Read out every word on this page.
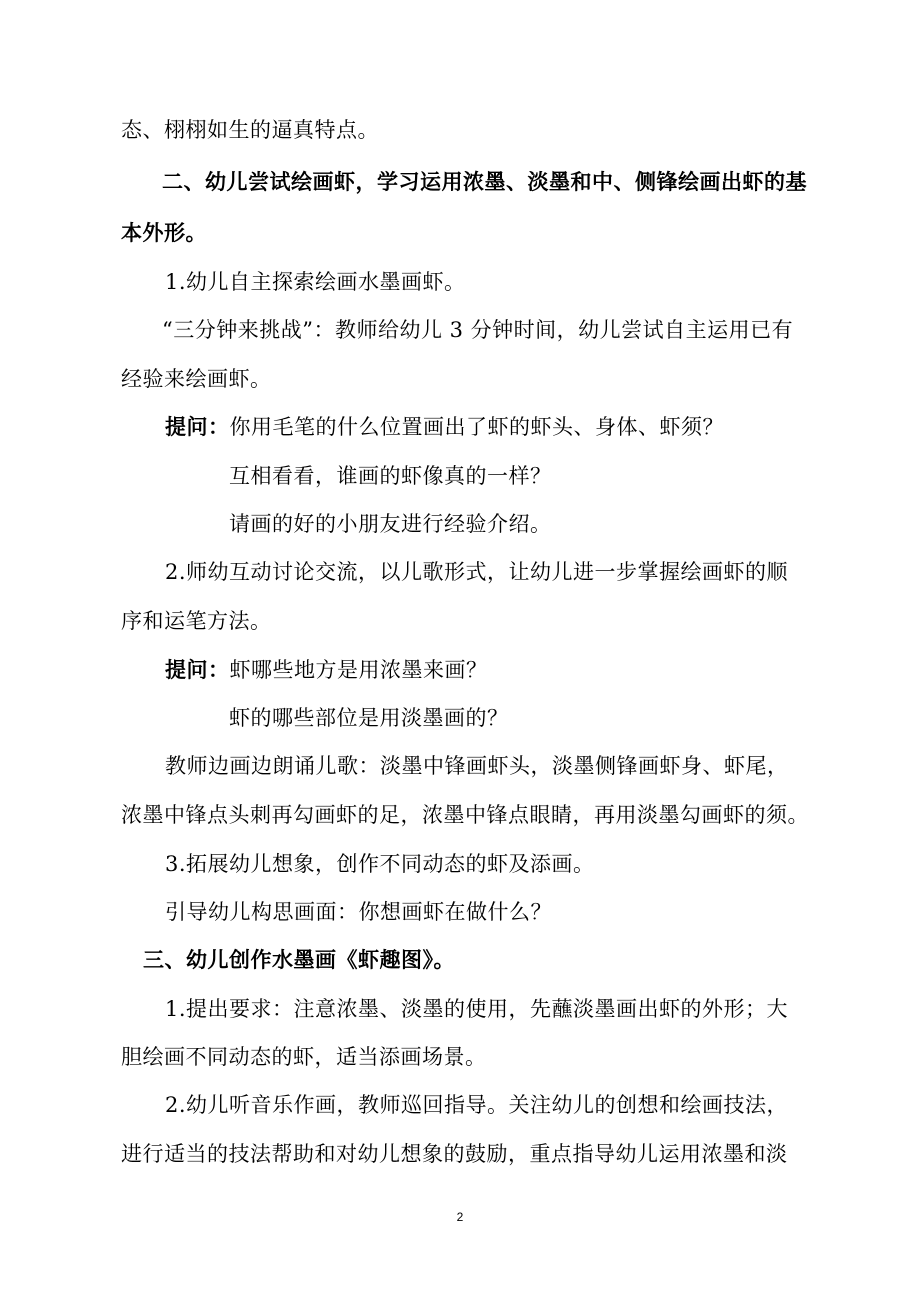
态、栩栩如生的逼真特点。
二、幼儿尝试绘画虾，学习运用浓墨、淡墨和中、侧锋绘画出虾的基
本外形。
1.幼儿自主探索绘画水墨画虾。
“三分钟来挑战”：教师给幼儿 3 分钟时间，幼儿尝试自主运用已有
经验来绘画虾。
提问：你用毛笔的什么位置画出了虾的虾头、身体、虾须？
互相看看，谁画的虾像真的一样？
请画的好的小朋友进行经验介绍。
2.师幼互动讨论交流，以儿歌形式，让幼儿进一步掌握绘画虾的顺
序和运笔方法。
提问：虾哪些地方是用浓墨来画？
虾的哪些部位是用淡墨画的？
教师边画边朗诵儿歌：淡墨中锋画虾头，淡墨侧锋画虾身、虾尾，
浓墨中锋点头刺再勾画虾的足，浓墨中锋点眼睛，再用淡墨勾画虾的须。
3.拓展幼儿想象，创作不同动态的虾及添画。
引导幼儿构思画面：你想画虾在做什么？
三、幼儿创作水墨画《虾趣图》。
1.提出要求：注意浓墨、淡墨的使用，先蘸淡墨画出虾的外形；大
胆绘画不同动态的虾，适当添画场景。
2.幼儿听音乐作画，教师巡回指导。关注幼儿的创想和绘画技法，
进行适当的技法帮助和对幼儿想象的鼓励，重点指导幼儿运用浓墨和淡
2
